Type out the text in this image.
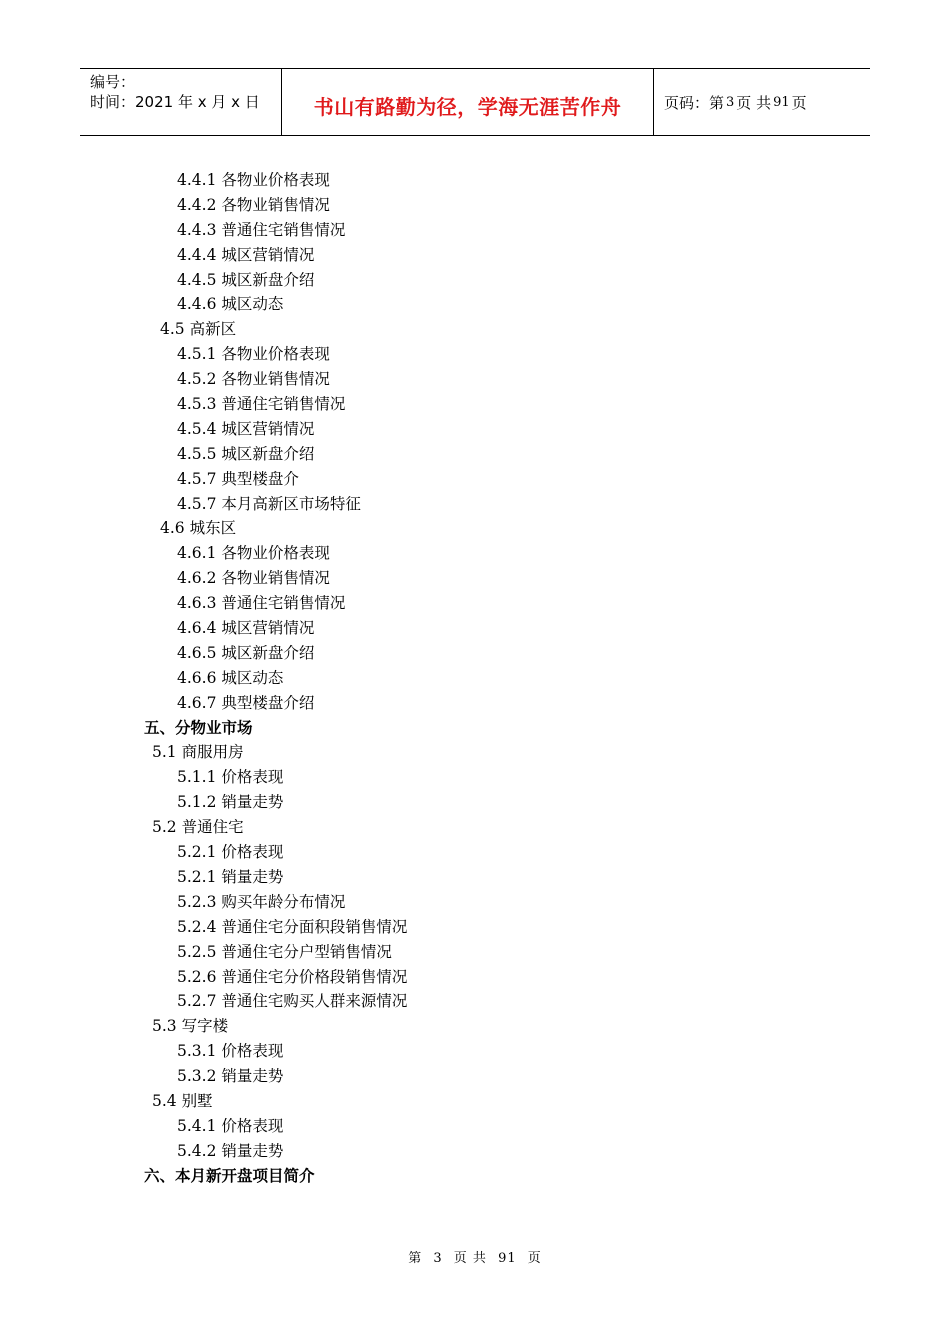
编号：
时间：2021 年 x 月 x 日	书山有路勤为径，学海无涯苦作舟	页码：第 3 页 共 91 页
4.4.1 各物业价格表现
4.4.2 各物业销售情况
4.4.3 普通住宅销售情况
4.4.4 城区营销情况
4.4.5 城区新盘介绍
4.4.6 城区动态
4.5 高新区
4.5.1 各物业价格表现
4.5.2 各物业销售情况
4.5.3 普通住宅销售情况
4.5.4 城区营销情况
4.5.5 城区新盘介绍
4.5.7 典型楼盘介
4.5.7 本月高新区市场特征
4.6 城东区
4.6.1 各物业价格表现
4.6.2 各物业销售情况
4.6.3 普通住宅销售情况
4.6.4 城区营销情况
4.6.5 城区新盘介绍
4.6.6 城区动态
4.6.7 典型楼盘介绍
五、分物业市场
5.1 商服用房
5.1.1 价格表现
5.1.2 销量走势
5.2 普通住宅
5.2.1 价格表现
5.2.1 销量走势
5.2.3 购买年龄分布情况
5.2.4 普通住宅分面积段销售情况
5.2.5 普通住宅分户型销售情况
5.2.6 普通住宅分价格段销售情况
5.2.7 普通住宅购买人群来源情况
5.3 写字楼
5.3.1 价格表现
5.3.2 销量走势
5.4 别墅
5.4.1 价格表现
5.4.2 销量走势
六、本月新开盘项目简介
第 3 页 共 91 页
